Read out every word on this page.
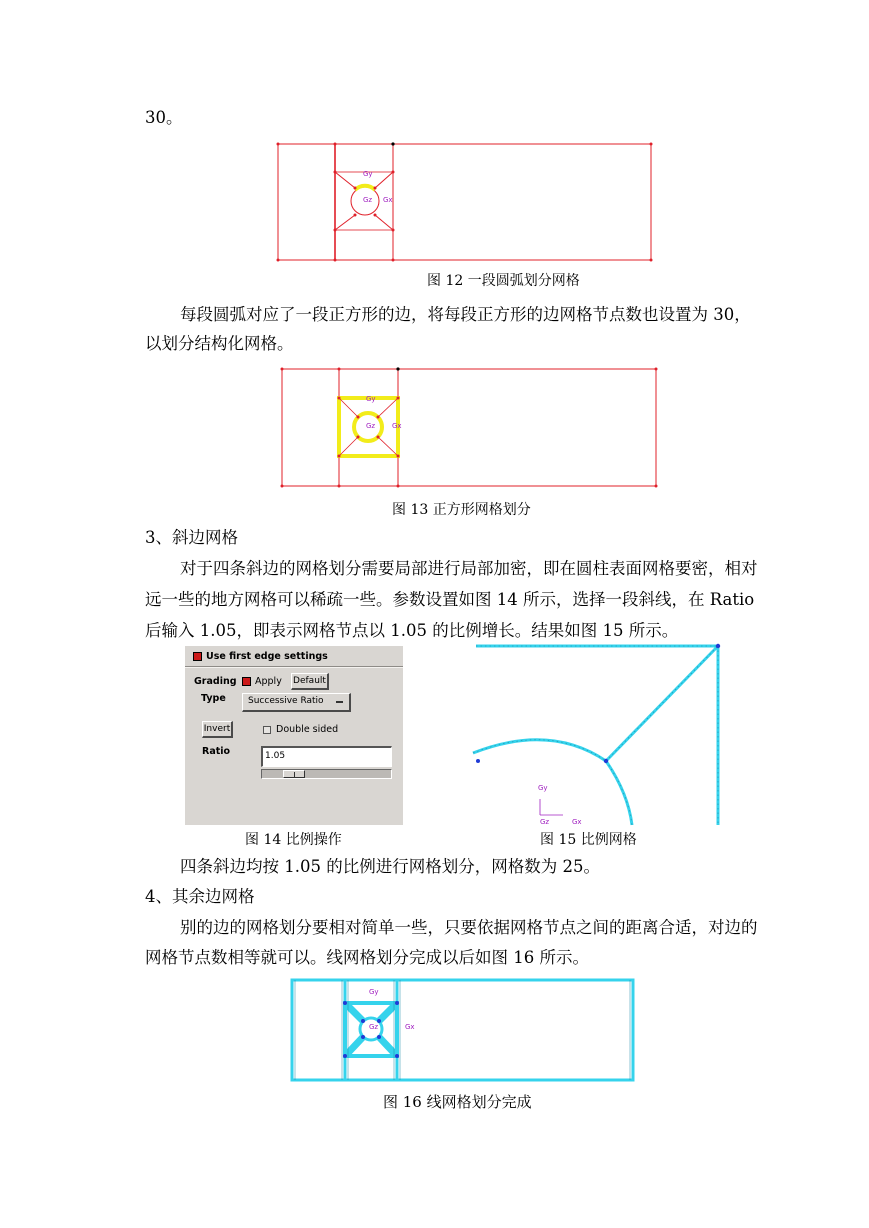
30。
Gy
Gz Gx
图 12 一段圆弧划分网格
每段圆弧对应了一段正方形的边，将每段正方形的边网格节点数也设置为 30，
以划分结构化网格。
Gy
Gz Gx
图 13 正方形网格划分
3、斜边网格
对于四条斜边的网格划分需要局部进行局部加密，即在圆柱表面网格要密，相对
远一些的地方网格可以稀疏一些。参数设置如图 14 所示，选择一段斜线，在 Ratio
后输入 1.05，即表示网格节点以 1.05 的比例增长。结果如图 15 所示。
Use first edge settings
Grading Apply Default
Type	Successive Ratio
Invert	Double sided
Ratio	1.05
Gy
Gz	Gx
图 14 比例操作	图 15 比例网格
四条斜边均按 1.05 的比例进行网格划分，网格数为 25。
4、其余边网格
别的边的网格划分要相对简单一些，只要依据网格节点之间的距离合适，对边的
网格节点数相等就可以。线网格划分完成以后如图 16 所示。
Gy
Gz	Gx
图 16 线网格划分完成
